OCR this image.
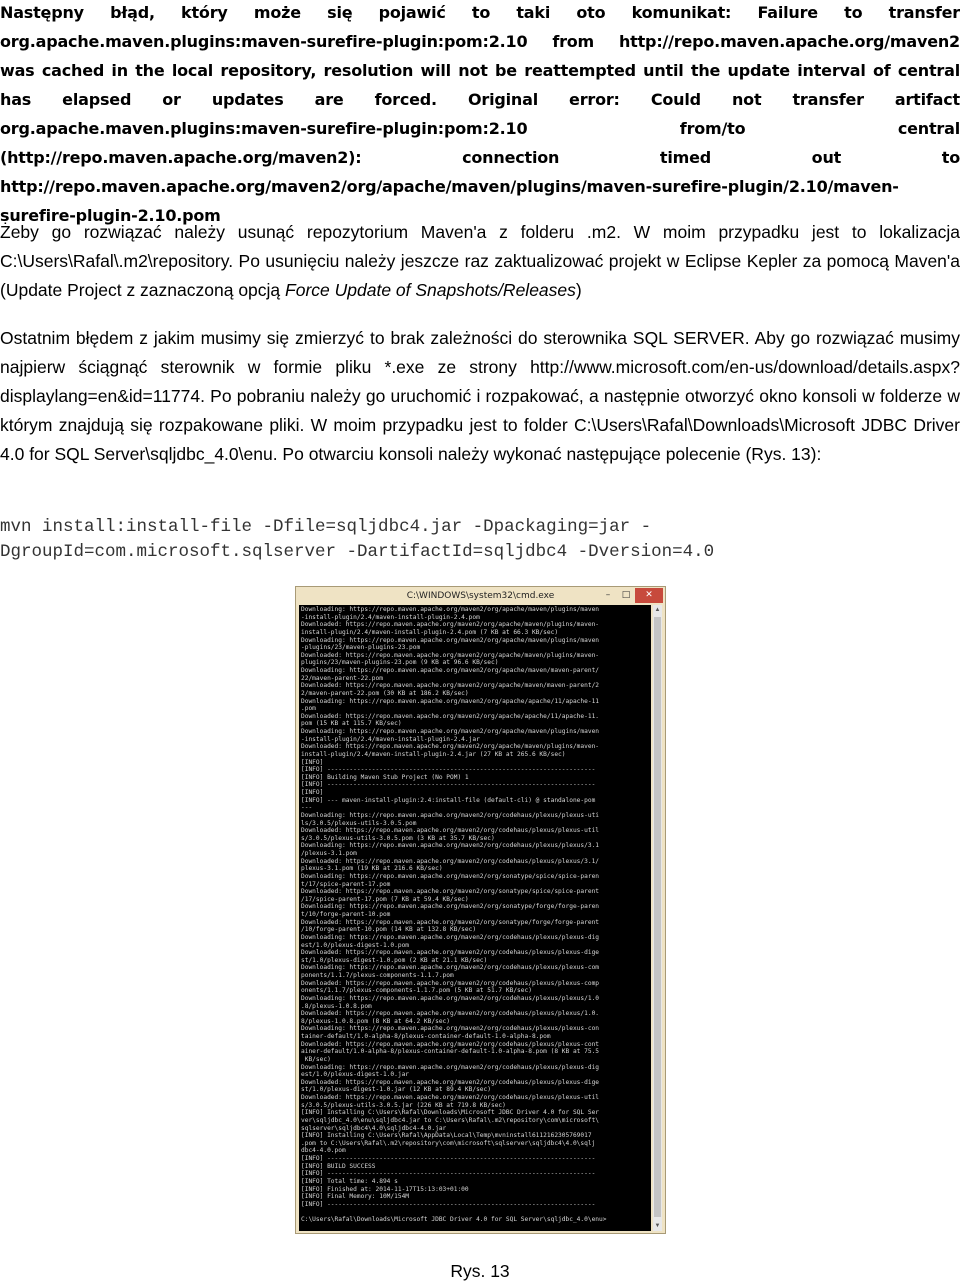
Następny błąd, który może się pojawić to taki oto komunikat: Failure to transfer org.apache.maven.plugins:maven-surefire-plugin:pom:2.10 from http://repo.maven.apache.org/maven2 was cached in the local repository, resolution will not be reattempted until the update interval of central has elapsed or updates are forced. Original error: Could not transfer artifact org.apache.maven.plugins:maven-surefire-plugin:pom:2.10 from/to central (http://repo.maven.apache.org/maven2): connection timed out to http://repo.maven.apache.org/maven2/org/apache/maven/plugins/maven-surefire-plugin/2.10/maven-surefire-plugin-2.10.pom
Żeby go rozwiązać należy usunąć repozytorium Maven'a z folderu .m2. W moim przypadku jest to lokalizacja C:\Users\Rafal\.m2\repository. Po usunięciu należy jeszcze raz zaktualizować projekt w Eclipse Kepler za pomocą Maven'a (Update Project z zaznaczoną opcją Force Update of Snapshots/Releases)
Ostatnim błędem z jakim musimy się zmierzyć to brak zależności do sterownika SQL SERVER. Aby go rozwiązać musimy najpierw ściągnąć sterownik w formie pliku *.exe ze strony http://www.microsoft.com/en-us/download/details.aspx?displaylang=en&id=11774. Po pobraniu należy go uruchomić i rozpakować, a następnie otworzyć okno konsoli w folderze w którym znajdują się rozpakowane pliki. W moim przypadku jest to folder C:\Users\Rafal\Downloads\Microsoft JDBC Driver 4.0 for SQL Server\sqljdbc_4.0\enu. Po otwarciu konsoli należy wykonać następujące polecenie (Rys. 13):
mvn install:install-file -Dfile=sqljdbc4.jar -Dpackaging=jar -
DgroupId=com.microsoft.sqlserver -DartifactId=sqljdbc4 -Dversion=4.0
C:\WINDOWS\system32\cmd.exe	–	□	✕
Downloading: https://repo.maven.apache.org/maven2/org/apache/maven/plugins/maven
-install-plugin/2.4/maven-install-plugin-2.4.pom
Downloaded: https://repo.maven.apache.org/maven2/org/apache/maven/plugins/maven-
install-plugin/2.4/maven-install-plugin-2.4.pom (7 KB at 66.3 KB/sec)
Downloading: https://repo.maven.apache.org/maven2/org/apache/maven/plugins/maven
-plugins/23/maven-plugins-23.pom
Downloaded: https://repo.maven.apache.org/maven2/org/apache/maven/plugins/maven-
plugins/23/maven-plugins-23.pom (9 KB at 96.6 KB/sec)
Downloading: https://repo.maven.apache.org/maven2/org/apache/maven/maven-parent/
22/maven-parent-22.pom
Downloaded: https://repo.maven.apache.org/maven2/org/apache/maven/maven-parent/2
2/maven-parent-22.pom (30 KB at 186.2 KB/sec)
Downloading: https://repo.maven.apache.org/maven2/org/apache/apache/11/apache-11
.pom
Downloaded: https://repo.maven.apache.org/maven2/org/apache/apache/11/apache-11.
pom (15 KB at 115.7 KB/sec)
Downloading: https://repo.maven.apache.org/maven2/org/apache/maven/plugins/maven
-install-plugin/2.4/maven-install-plugin-2.4.jar
Downloaded: https://repo.maven.apache.org/maven2/org/apache/maven/plugins/maven-
install-plugin/2.4/maven-install-plugin-2.4.jar (27 KB at 265.6 KB/sec)
[INFO]
[INFO] ------------------------------------------------------------------------
[INFO] Building Maven Stub Project (No POM) 1
[INFO] ------------------------------------------------------------------------
[INFO]
[INFO] --- maven-install-plugin:2.4:install-file (default-cli) @ standalone-pom
---
Downloading: https://repo.maven.apache.org/maven2/org/codehaus/plexus/plexus-uti
ls/3.0.5/plexus-utils-3.0.5.pom
Downloaded: https://repo.maven.apache.org/maven2/org/codehaus/plexus/plexus-util
s/3.0.5/plexus-utils-3.0.5.pom (3 KB at 35.7 KB/sec)
Downloading: https://repo.maven.apache.org/maven2/org/codehaus/plexus/plexus/3.1
/plexus-3.1.pom
Downloaded: https://repo.maven.apache.org/maven2/org/codehaus/plexus/plexus/3.1/
plexus-3.1.pom (19 KB at 216.6 KB/sec)
Downloading: https://repo.maven.apache.org/maven2/org/sonatype/spice/spice-paren
t/17/spice-parent-17.pom
Downloaded: https://repo.maven.apache.org/maven2/org/sonatype/spice/spice-parent
/17/spice-parent-17.pom (7 KB at 59.4 KB/sec)
Downloading: https://repo.maven.apache.org/maven2/org/sonatype/forge/forge-paren
t/10/forge-parent-10.pom
Downloaded: https://repo.maven.apache.org/maven2/org/sonatype/forge/forge-parent
/10/forge-parent-10.pom (14 KB at 132.8 KB/sec)
Downloading: https://repo.maven.apache.org/maven2/org/codehaus/plexus/plexus-dig
est/1.0/plexus-digest-1.0.pom
Downloaded: https://repo.maven.apache.org/maven2/org/codehaus/plexus/plexus-dige
st/1.0/plexus-digest-1.0.pom (2 KB at 21.1 KB/sec)
Downloading: https://repo.maven.apache.org/maven2/org/codehaus/plexus/plexus-com
ponents/1.1.7/plexus-components-1.1.7.pom
Downloaded: https://repo.maven.apache.org/maven2/org/codehaus/plexus/plexus-comp
onents/1.1.7/plexus-components-1.1.7.pom (5 KB at 51.7 KB/sec)
Downloading: https://repo.maven.apache.org/maven2/org/codehaus/plexus/plexus/1.0
.8/plexus-1.0.8.pom
Downloaded: https://repo.maven.apache.org/maven2/org/codehaus/plexus/plexus/1.0.
8/plexus-1.0.8.pom (8 KB at 64.2 KB/sec)
Downloading: https://repo.maven.apache.org/maven2/org/codehaus/plexus/plexus-con
tainer-default/1.0-alpha-8/plexus-container-default-1.0-alpha-8.pom
Downloaded: https://repo.maven.apache.org/maven2/org/codehaus/plexus/plexus-cont
ainer-default/1.0-alpha-8/plexus-container-default-1.0-alpha-8.pom (8 KB at 75.5
KB/sec)
Downloading: https://repo.maven.apache.org/maven2/org/codehaus/plexus/plexus-dig
est/1.0/plexus-digest-1.0.jar
Downloaded: https://repo.maven.apache.org/maven2/org/codehaus/plexus/plexus-dige
st/1.0/plexus-digest-1.0.jar (12 KB at 89.4 KB/sec)
Downloaded: https://repo.maven.apache.org/maven2/org/codehaus/plexus/plexus-util
s/3.0.5/plexus-utils-3.0.5.jar (226 KB at 719.8 KB/sec)
[INFO] Installing C:\Users\Rafal\Downloads\Microsoft JDBC Driver 4.0 for SQL Ser
ver\sqljdbc_4.0\enu\sqljdbc4.jar to C:\Users\Rafal\.m2\repository\com\microsoft\
sqlserver\sqljdbc4\4.0\sqljdbc4-4.0.jar
[INFO] Installing C:\Users\Rafal\AppData\Local\Temp\mvninstall6112162305769017
.pom to C:\Users\Rafal\.m2\repository\com\microsoft\sqlserver\sqljdbc4\4.0\sqlj
dbc4-4.0.pom
[INFO] ------------------------------------------------------------------------
[INFO] BUILD SUCCESS
[INFO] ------------------------------------------------------------------------
[INFO] Total time: 4.894 s
[INFO] Finished at: 2014-11-17T15:13:03+01:00
[INFO] Final Memory: 10M/154M
[INFO] ------------------------------------------------------------------------

C:\Users\Rafal\Downloads\Microsoft JDBC Driver 4.0 for SQL Server\sqljdbc_4.0\enu>
▲
▼
Rys. 13
